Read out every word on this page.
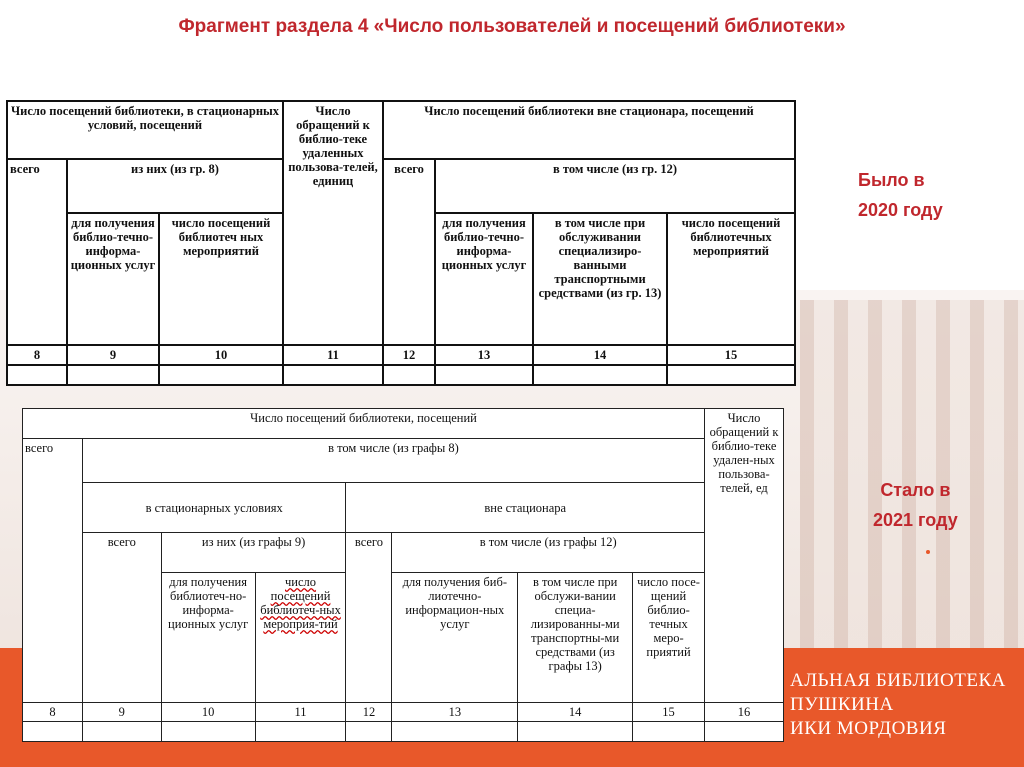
АЛЬНАЯ БИБЛИОТЕКА
ПУШКИНА
ИКИ МОРДОВИЯ
Фрагмент раздела 4 «Число пользователей и посещений библиотеки»
Было в
2020 году
Стало в
2021 году
Число посещений библиотеки, в стационарных условий, посещений			Число обращений к библио-теке удаленных пользова-телей, единиц	Число посещений библиотеки вне стационара, посещений			
всего	из них (из гр. 8)			всего	в том числе (из гр. 12)		
	для получения библио-течно-информа-ционных услуг	число посещений библиотеч ных мероприятий			для получения библио-течно-информа-ционных услуг	в том числе при обслуживании специализиро-ванными транспортными средствами (из гр. 13)	число посещений библиотечных мероприятий
8	9	10	11	12	13	14	15

Число посещений библиотеки, посещений								Число обращений к библио-теке удален-ных пользова-телей, ед
всего	в том числе (из графы 8)							
	в стационарных условиях			вне стационара				
	всего	из них (из графы 9)		всего	в том числе (из графы 12)			
		для получения библиотеч-но-информа-ционных услуг	число посещений библиотеч-ных мероприя-тий		для получения биб-лиотечно-информацион-ных услуг	в том числе при обслужи-вании специа-лизированны-ми транспортны-ми средствами (из графы 13)	число посе-щений библио-течных меро-приятий	
8	9	10	11	12	13	14	15	16
